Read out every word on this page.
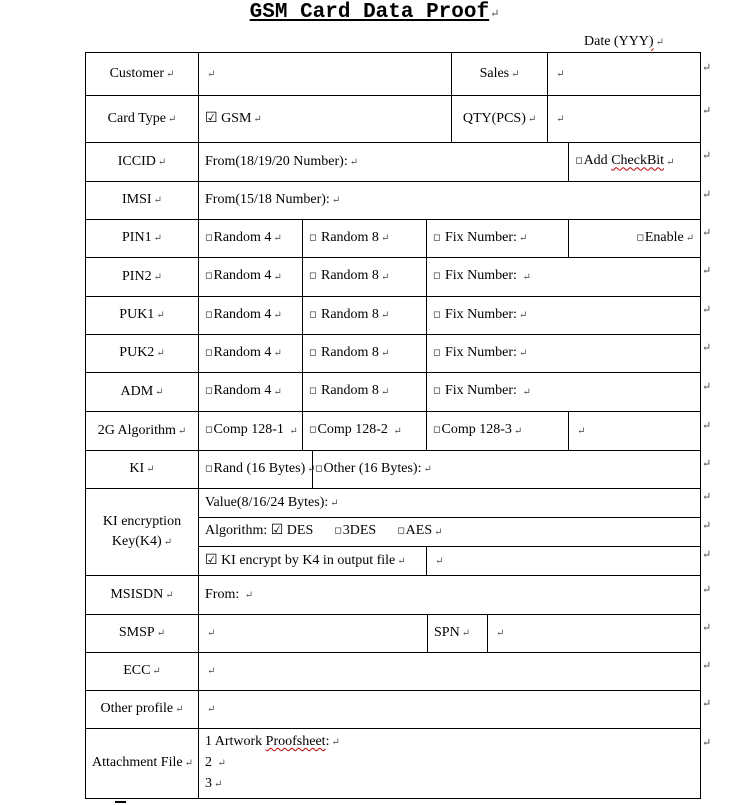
GSM Card Data Proof↵
Date (YYY) ↵
Customer ↵	↵				Sales ↵		↵	
Card Type ↵	☑ GSM ↵				QTY(PCS) ↵		↵	
ICCID ↵	From(18/19/20 Number): ↵							◻Add CheckBit ↵
IMSI ↵	From(15/18 Number): ↵							
PIN1 ↵	◻Random 4 ↵	◻ Random 8 ↵		◻ Fix Number: ↵				◻Enable ↵
PIN2 ↵	◻Random 4 ↵	◻ Random 8 ↵		◻ Fix Number: ↵				
PUK1 ↵	◻Random 4 ↵	◻ Random 8 ↵		◻ Fix Number: ↵				
PUK2 ↵	◻Random 4 ↵	◻ Random 8 ↵		◻ Fix Number: ↵				
ADM ↵	◻Random 4 ↵	◻ Random 8 ↵		◻ Fix Number: ↵				
2G Algorithm ↵	◻Comp 128-1 ↵	◻Comp 128-2 ↵		◻Comp 128-3 ↵				↵
KI ↵	◻Rand (16 Bytes) ↵		◻Other (16 Bytes): ↵					

KI encryption
Key(K4) ↵	Value(8/16/24 Bytes): ↵							
	Algorithm: ☑ DES ◻3DES ◻AES ↵							
	☑ KI encrypt by K4 in output file ↵			↵				
MSISDN ↵	From: ↵							
SMSP ↵	↵			SPN ↵		↵		
ECC ↵	↵							
Other profile ↵	↵							
Attachment File ↵	1 Artwork Proofsheet: ↵
2 ↵
3 ↵							
↵
↵
↵
↵
↵
↵
↵
↵
↵
↵
↵
↵
↵
↵
↵
↵
↵
↵
↵
